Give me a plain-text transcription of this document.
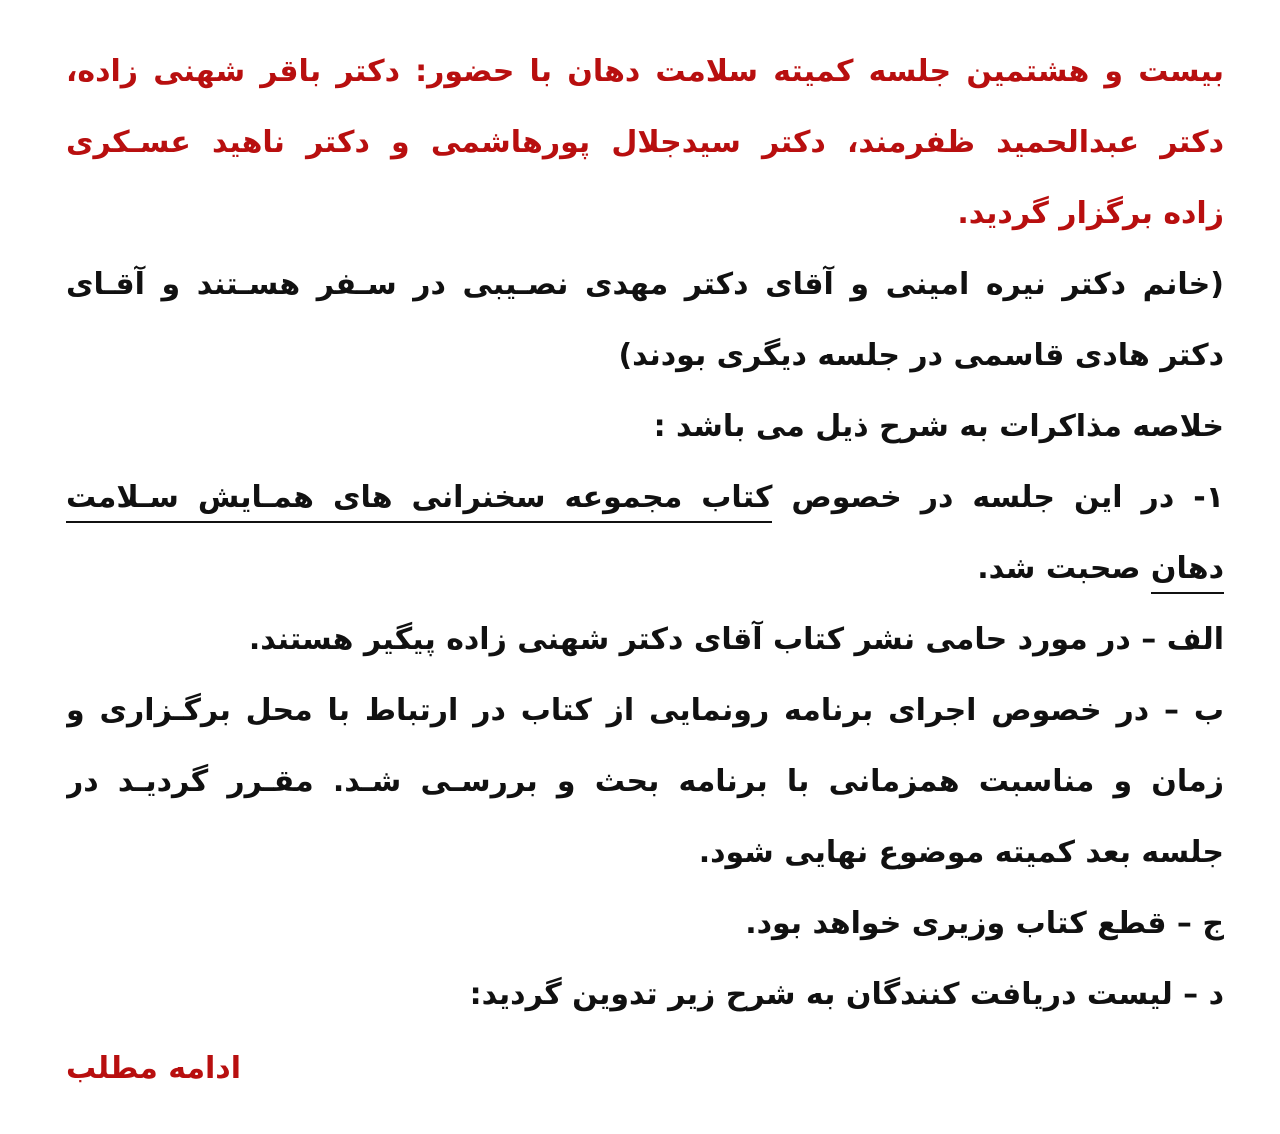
بیست و هشتمین جلسه کمیته سلامت دهان با حضور: دکتر باقر شهنی زاده،
دکتر عبدالحمید ظفرمند، دکتر سیدجلال پورهاشمی و دکتر ناهید عسـکری
زاده برگزار گردید.
(خانم دکتر نیره امینی و آقای دکتر مهدی نصـیبی در سـفر هسـتند و آقـای
دکتر هادی قاسمی در جلسه دیگری بودند)
خلاصه مذاکرات به شرح ذیل می باشد :
۱- در این جلسه در خصوص کتاب مجموعه سخنرانی های همـایش سـلامت
دهان صحبت شد.
الف – در مورد حامی نشر کتاب آقای دکتر شهنی زاده پیگیر هستند.
ب – در خصوص اجرای برنامه رونمایی از کتاب در ارتباط با محل برگـزاری و
زمان و مناسبت همزمانی با برنامه بحث و بررسـی شـد. مقـرر گردیـد در
جلسه بعد کمیته موضوع نهایی شود.
ج – قطع کتاب وزیری خواهد بود.
د – لیست دریافت کنندگان به شرح زیر تدوین گردید:
ادامه مطلب
